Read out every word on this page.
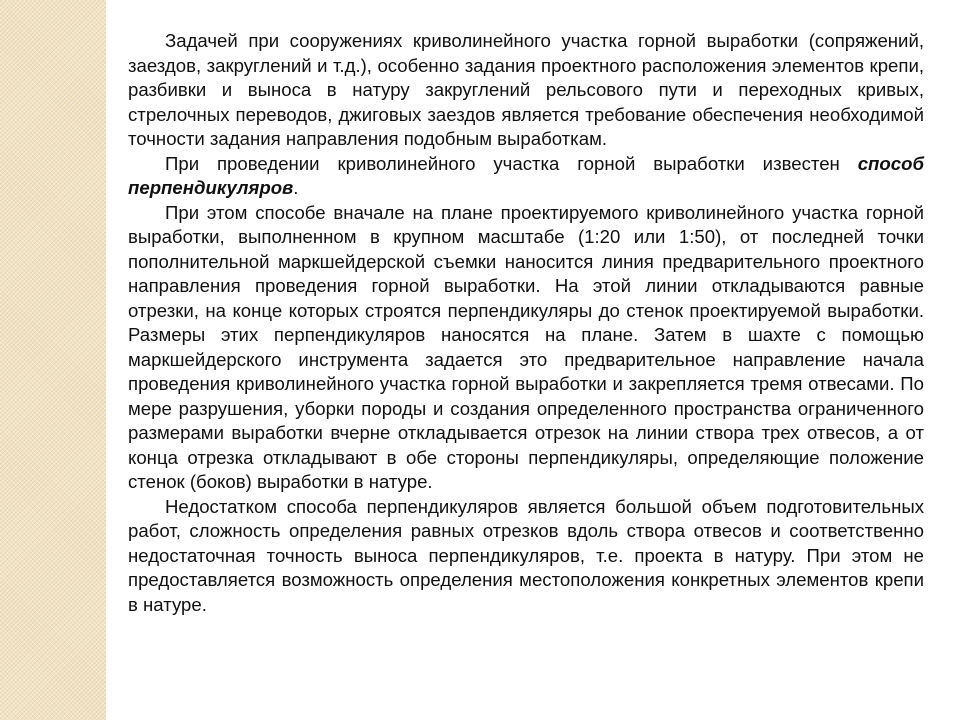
Задачей при сооружениях криволинейного участка горной выработки (сопряжений, заездов, закруглений и т.д.), особенно задания проектного расположения элементов крепи, разбивки и выноса в натуру закруглений рельсового пути и переходных кривых, стрелочных переводов, джиговых заездов является требование обеспечения необходимой точности задания направления подобным выработкам.

При проведении криволинейного участка горной выработки известен способ перпендикуляров.

При этом способе вначале на плане проектируемого криволинейного участка горной выработки, выполненном в крупном масштабе (1:20 или 1:50), от последней точки пополнительной маркшейдерской съемки наносится линия предварительного проектного направления проведения горной выработки. На этой линии откладываются равные отрезки, на конце которых строятся перпендикуляры до стенок проектируемой выработки. Размеры этих перпендикуляров наносятся на плане. Затем в шахте с помощью маркшейдерского инструмента задается это предварительное направление начала проведения криволинейного участка горной выработки и закрепляется тремя отвесами. По мере разрушения, уборки породы и создания определенного пространства ограниченного размерами выработки вчерне откладывается отрезок на линии створа трех отвесов, а от конца отрезка откладывают в обе стороны перпендикуляры, определяющие положение стенок (боков) выработки в натуре.

Недостатком способа перпендикуляров является большой объем подготовительных работ, сложность определения равных отрезков вдоль створа отвесов и соответственно недостаточная точность выноса перпендикуляров, т.е. проекта в натуру. При этом не предоставляется возможность определения местоположения конкретных элементов крепи в натуре.
